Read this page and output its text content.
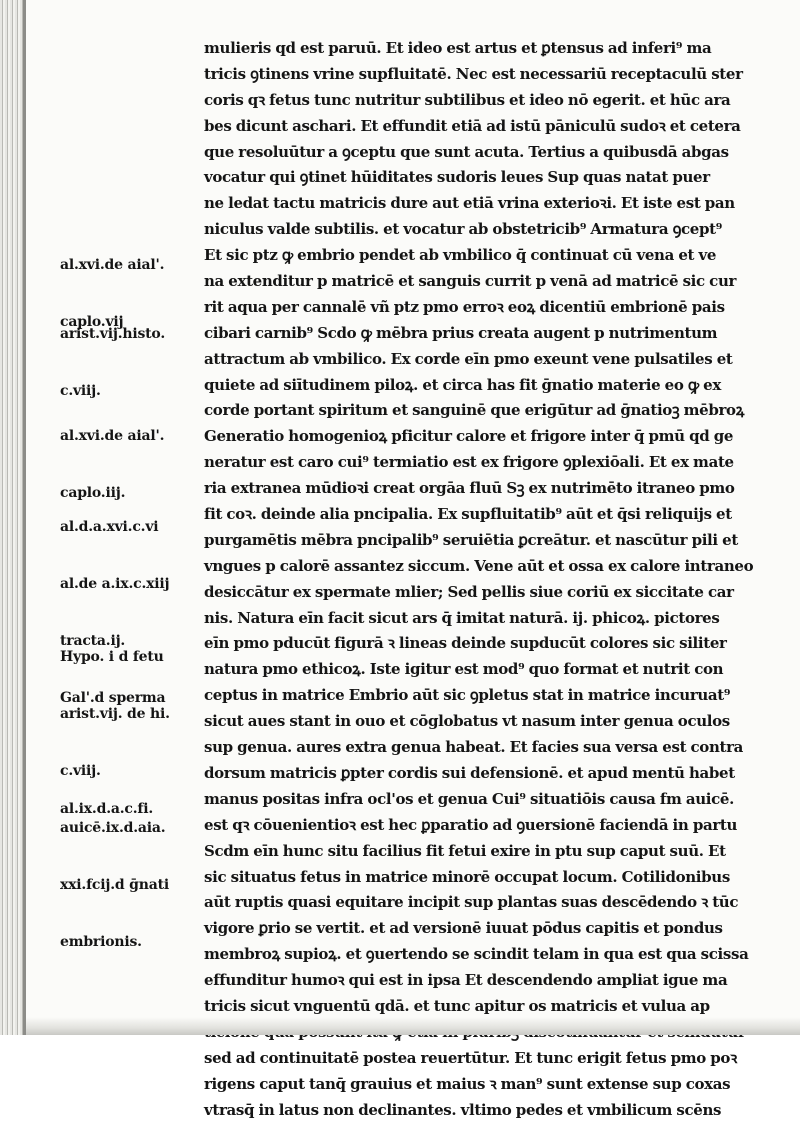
al.xvi.de aial'.

caplo.vij

arist.vij.histo.

c.viij.

al.xvi.de aial'.

caplo.iij.

al.d.a.xvi.c.vi

al.de a.ix.c.xiij

tracta.ij.

Gal'.d sperma

Hypo. i d fetu

arist.vij. de hi.

c.viij.

auicē.ix.d.aia.

xxi.fcij.d ḡnati

embrionis.

al.ix.d.a.c.fi.

mulieris qd est paruū. Et ideo est artus et ꝑtensus ad inferi⁹ ma
tricis ꝯtinens vrine supfluitatē. Nec est necessariū receptaculū ster
coris qꝛ fetus tunc nutritur subtilibus et ideo nō egerit. et hūc ara
bes dicunt aschari. Et effundit etiā ad istū pāniculū sudoꝛ et cetera
que resoluūtur a ꝯceptu que sunt acuta. Tertius a quibusdā abgas
vocatur qui ꝯtinet hūiditates sudoris leues Sup quas natat puer
ne ledat tactu matricis dure aut etiā vrina exterioꝛi. Et iste est pan
niculus valde subtilis. et vocatur ab obstetricib⁹ Armatura ꝯcept⁹
Et sic ptz ꝙ embrio pendet ab vmbilico q̄ continuat cū vena et ve
na extenditur p matricē et sanguis currit p venā ad matricē sic cur
rit aqua per cannalē vñ ptz pmo erroꝛ eoꝝ dicentiū embrionē pais
cibari carnib⁹ Scdo ꝙ mēbra prius creata augent p nutrimentum
attractum ab vmbilico. Ex corde eīn pmo exeunt vene pulsatiles et
quiete ad siītudinem piloꝝ. et circa has fit ḡnatio materie eo ꝙ ex
corde portant spiritum et sanguinē que erigūtur ad ḡnatioꝫ mēbroꝝ
Generatio homogenioꝝ pficitur calore et frigore inter q̄ pmū qd ge
neratur est caro cui⁹ termiatio est ex frigore ꝯplexiōali. Et ex mate
ria extranea mūdioꝛi creat orgāa fluū Sꝫ ex nutrimēto itraneo pmo
fit coꝛ. deinde alia pncipalia. Ex supfluitatib⁹ aūt et q̄si reliquijs et
purgamētis mēbra pncipalib⁹ seruiētia ꝑcreātur. et nascūtur pili et
vngues p calorē assantez siccum. Vene aūt et ossa ex calore intraneo
desiccātur ex spermate mlier; Sed pellis siue coriū ex siccitate car
nis. Natura eīn facit sicut ars q̄ imitat naturā. ij. phicoꝝ. pictores
eīn pmo pducūt figurā ꝛ lineas deinde supducūt colores sic siliter
natura pmo ethicoꝝ. Iste igitur est mod⁹ quo format et nutrit con
ceptus in matrice Embrio aūt sic ꝯpletus stat in matrice incuruat⁹
sicut aues stant in ouo et cōglobatus vt nasum inter genua oculos
sup genua. aures extra genua habeat. Et facies sua versa est contra
dorsum matricis ꝑpter cordis sui defensionē. et apud mentū habet
manus positas infra ocl'os et genua Cui⁹ situatiōis causa fm auicē.
est qꝛ cōuenientioꝛ est hec ꝑparatio ad ꝯuersionē faciendā in partu
Scdm eīn hunc situ facilius fit fetui exire in ptu sup caput suū. Et
sic situatus fetus in matrice minorē occupat locum. Cotilidonibus
aūt ruptis quasi equitare incipit sup plantas suas descēdendo ꝛ tūc
vigore ꝑrio se vertit. et ad versionē iuuat pōdus capitis et pondus
membroꝝ supioꝝ. et ꝯuertendo se scindit telam in qua est qua scissa
effunditur humoꝛ qui est in ipsa Et descendendo ampliat igue ma
tricis sicut vnguentū qdā. et tunc apitur os matricis et vulua ap
sed ad continuitatē postea reuertūtur. Et tunc erigit fetus pmo poꝛ
rigens caput tanq̄ grauius et maius ꝛ man⁹ sunt extense sup coxas
vtrasq̄ in latus non declinantes. vltimo pedes et vmbilicum scēns
